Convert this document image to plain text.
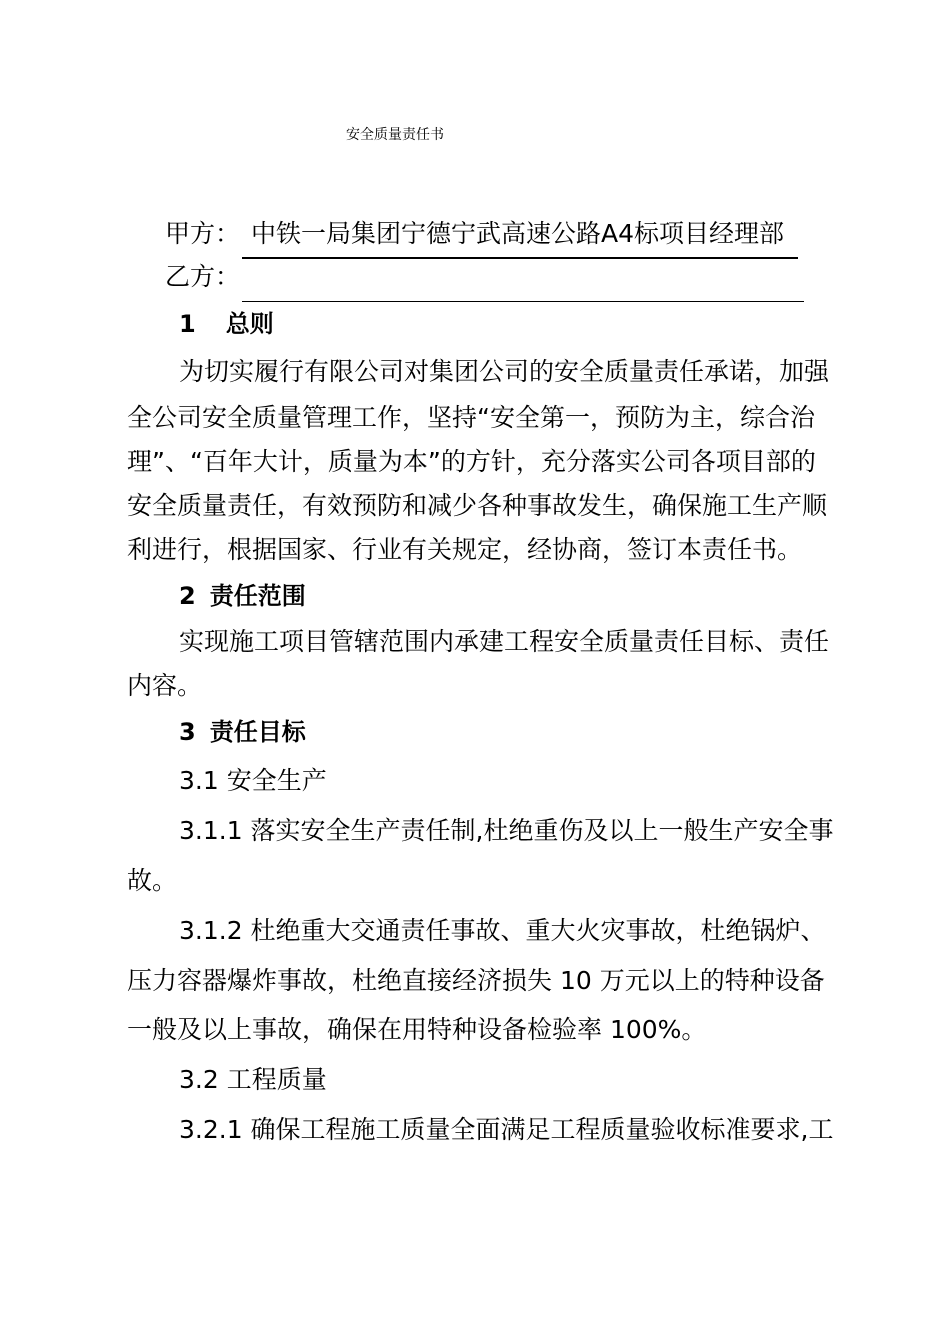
安全质量责任书
甲方： 中铁一局集团宁德宁武高速公路A4标项目经理部
乙方：
1 总则
为切实履行有限公司对集团公司的安全质量责任承诺，加强
全公司安全质量管理工作，坚持“安全第一，预防为主，综合治
理”、“百年大计，质量为本”的方针，充分落实公司各项目部的
安全质量责任，有效预防和减少各种事故发生，确保施工生产顺
利进行，根据国家、行业有关规定，经协商，签订本责任书。
2 责任范围
实现施工项目管辖范围内承建工程安全质量责任目标、责任
内容。
3 责任目标
3.1 安全生产
3.1.1 落实安全生产责任制,杜绝重伤及以上一般生产安全事
故。
3.1.2 杜绝重大交通责任事故、重大火灾事故，杜绝锅炉、
压力容器爆炸事故，杜绝直接经济损失 10 万元以上的特种设备
一般及以上事故，确保在用特种设备检验率 100%。
3.2 工程质量
3.2.1 确保工程施工质量全面满足工程质量验收标准要求,工
